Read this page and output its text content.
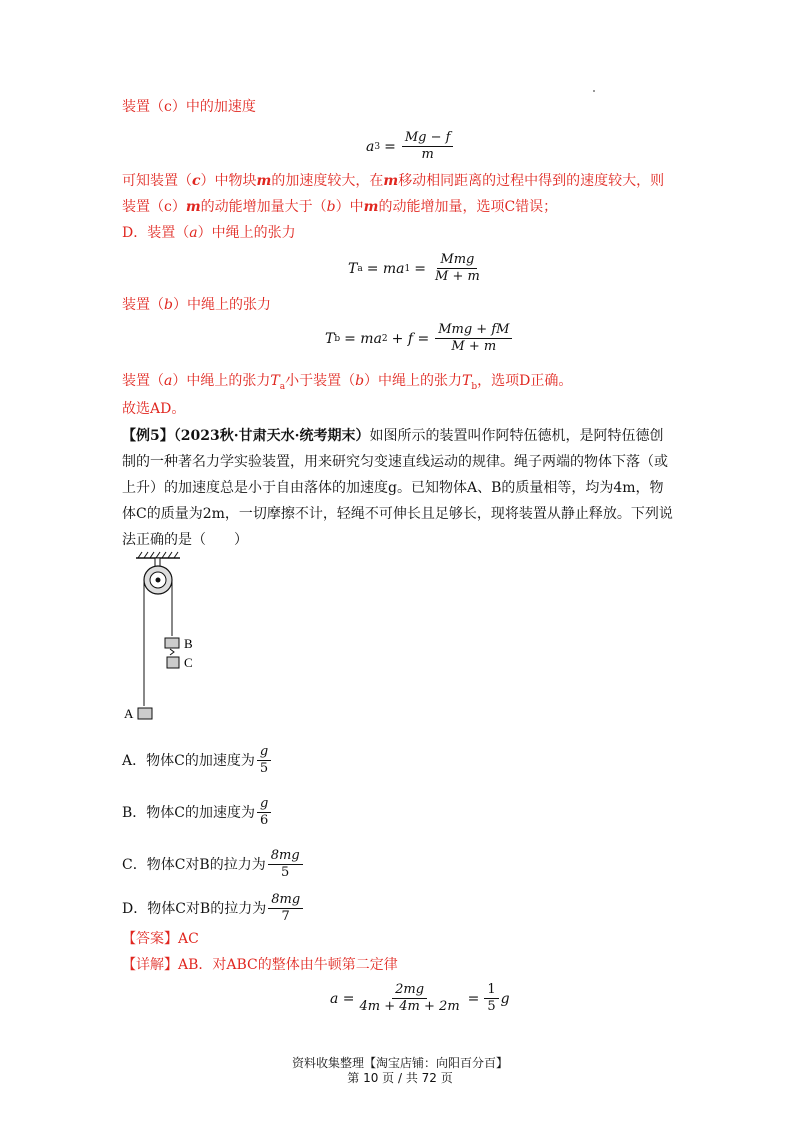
装置（c）中的加速度
a $3 = \frac{Mg - f}{m}$
可知装置（c）中物块m的加速度较大，在m移动相同距离的过程中得到的速度较大，则
装置（c）m的动能增加量大于（b）中m的动能增加量，选项C错误；
D．装置（a）中绳上的张力
T a = ma $1 = \frac{\text{Mmg}}{M + m}$
装置（b）中绳上的张力
T b = ma $2 + f = \frac{\text{Mmg + fM}}{M + m}$
装置（a）中绳上的张力$T_a$小于装置（b）中绳上的张力$T_b$，选项D正确。
故选AD。
【例5】（2023秋·甘肃天水·统考期末）如图所示的装置叫作阿特伍德机，是阿特伍德创
制的一种著名力学实验装置，用来研究匀变速直线运动的规律。绳子两端的物体下落（或
上升）的加速度总是小于自由落体的加速度g。已知物体A、B的质量相等，均为4m，物
体C的质量为2m，一切摩擦不计，轻绳不可伸长且足够长，现将装置从静止释放。下列说
法正确的是（　　）
B
C
A
A．物体C的加速度为 $\frac{g}{5}$
B．物体C的加速度为 $\frac{g}{6}$
C．物体C对B的拉力为 $\frac{8mg}{5}$
D．物体C对B的拉力为 $\frac{8mg}{7}$
【答案】AC
【详解】AB．对ABC的整体由牛顿第二定律
$a = \frac{2mg}{4m + 4m + 2m} = \frac{1}{5}$ g
资料收集整理【淘宝店铺：向阳百分百】
第 10 页 / 共 72 页
